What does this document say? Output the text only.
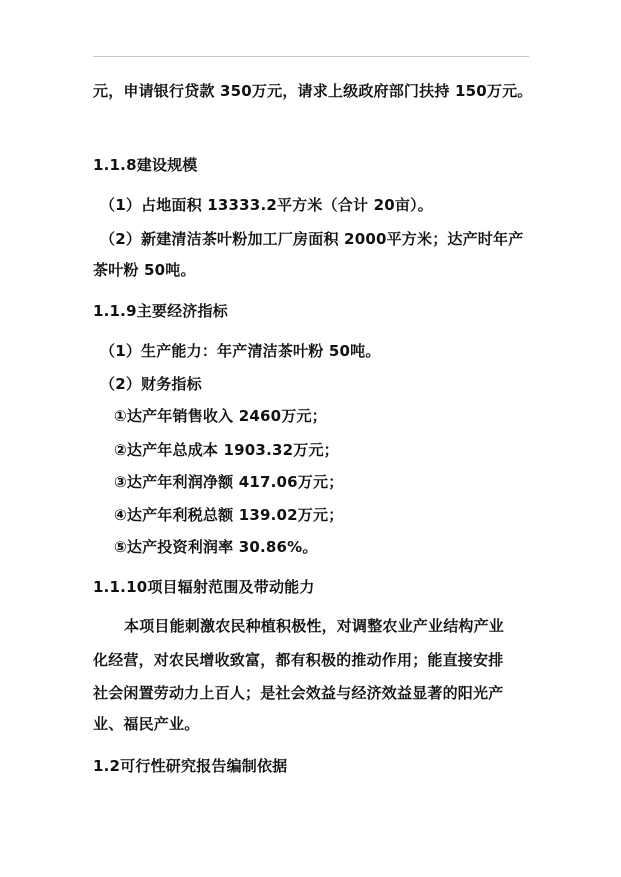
元，申请银行贷款 350万元，请求上级政府部门扶持 150万元。
1.1.8建设规模
（1）占地面积 13333.2平方米（合计 20亩）。
（2）新建清洁茶叶粉加工厂房面积 2000平方米；达产时年产
茶叶粉 50吨。
1.1.9主要经济指标
（1）生产能力：年产清洁茶叶粉 50吨。
（2）财务指标
①达产年销售收入 2460万元；
②达产年总成本 1903.32万元；
③达产年利润净额 417.06万元；
④达产年利税总额 139.02万元；
⑤达产投资利润率 30.86%。
1.1.10项目辐射范围及带动能力
本项目能刺激农民种植积极性，对调整农业产业结构产业
化经营，对农民增收致富，都有积极的推动作用；能直接安排
社会闲置劳动力上百人；是社会效益与经济效益显著的阳光产
业、福民产业。
1.2可行性研究报告编制依据
